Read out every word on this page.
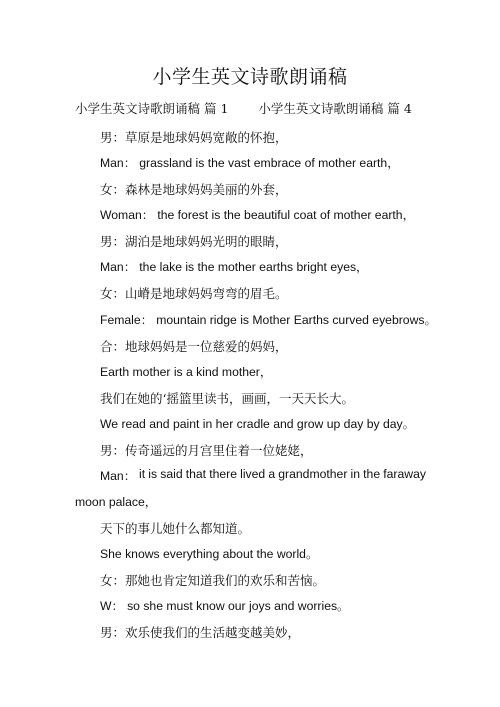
小学生英文诗歌朗诵稿
小学生英文诗歌朗诵稿 篇 1 小学生英文诗歌朗诵稿 篇 4
男：草原是地球妈妈宽敞的怀抱，
Man： grassland is the vast embrace of mother earth，
女：森林是地球妈妈美丽的外套，
Woman： the forest is the beautiful coat of mother earth，
男：湖泊是地球妈妈光明的眼睛，
Man： the lake is the mother earths bright eyes，
女：山嵴是地球妈妈弯弯的眉毛。
Female： mountain ridge is Mother Earths curved eyebrows。
合：地球妈妈是一位慈爱的妈妈，
Earth mother is a kind mother，
我们在她的‘摇篮里读书，画画，一天天长大。
We read and paint in her cradle and grow up day by day。
男：传奇遥远的月宫里住着一位姥姥，
Man： it is said that there lived a grandmother in the faraway
moon palace，
天下的事儿她什么都知道。
She knows everything about the world。
女：那她也肯定知道我们的欢乐和苦恼。
W： so she must know our joys and worries。
男：欢乐使我们的生活越变越美妙，
